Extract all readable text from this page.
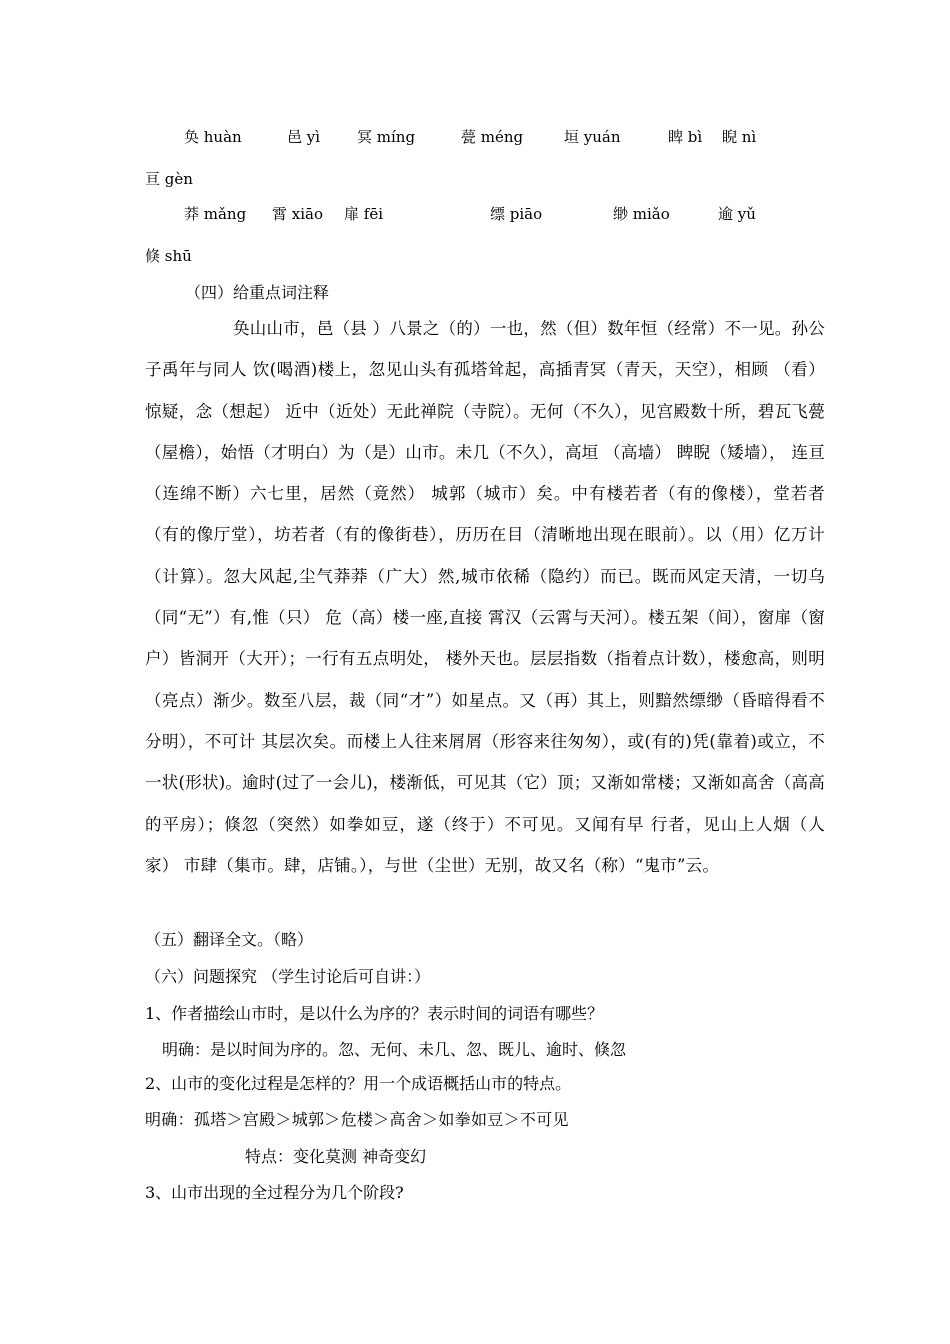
奂 huàn	邑 yì 冥 míng	甍 méng	垣 yuán	睥 bì 睨 nì
亘 gèn
莽 mǎng 霄 xiāo 扉 fēi	缥 piāo	缈 miǎo	逾 yǔ
倏 shū
（四）给重点词注释
奂山山市，邑（县 ）八景之（的）一也，然（但）数年恒（经常）不一见。孙公子禹年与同人 饮(喝酒)楼上，忽见山头有孤塔耸起，高插青冥（青天，天空），相顾 （看）惊疑，念（想起） 近中（近处）无此禅院（寺院）。无何（不久），见宫殿数十所，碧瓦飞甍（屋檐），始悟（才明白）为（是）山市。未几（不久），高垣 （高墙） 睥睨（矮墙）， 连亘（连绵不断）六七里，居然（竟然） 城郭（城市）矣。中有楼若者（有的像楼），堂若者（有的像厅堂），坊若者（有的像街巷），历历在目（清晰地出现在眼前）。以（用）亿万计（计算）。忽大风起,尘气莽莽（广大）然,城市依稀（隐约）而已。既而风定天清，一切乌（同“无”）有,惟（只） 危（高）楼一座,直接 霄汉（云霄与天河）。楼五架（间），窗扉（窗户）皆洞开（大开）；一行有五点明处， 楼外天也。层层指数（指着点计数），楼愈高，则明（亮点）渐少。数至八层，裁（同“才”）如星点。又（再）其上，则黯然缥缈（昏暗得看不分明），不可计 其层次矣。而楼上人往来屑屑（形容来往匆匆），或(有的)凭(靠着)或立，不一状(形状)。逾时(过了一会儿)，楼渐低，可见其（它）顶；又渐如常楼；又渐如高舍（高高的平房）；倏忽（突然）如拳如豆，遂（终于）不可见。又闻有早 行者，见山上人烟（人家） 市肆（集市。肆，店铺。），与世（尘世）无别，故又名（称）“鬼市”云。
（五）翻译全文。（略）
（六）问题探究 （学生讨论后可自讲：）
1、作者描绘山市时，是以什么为序的？表示时间的词语有哪些？
明确：是以时间为序的。忽、无何、未几、忽、既儿、逾时、倏忽
2、山市的变化过程是怎样的？用一个成语概括山市的特点。
明确：孤塔＞宫殿＞城郭＞危楼＞高舍＞如拳如豆＞不可见
特点：变化莫测 神奇变幻
3、山市出现的全过程分为几个阶段?
